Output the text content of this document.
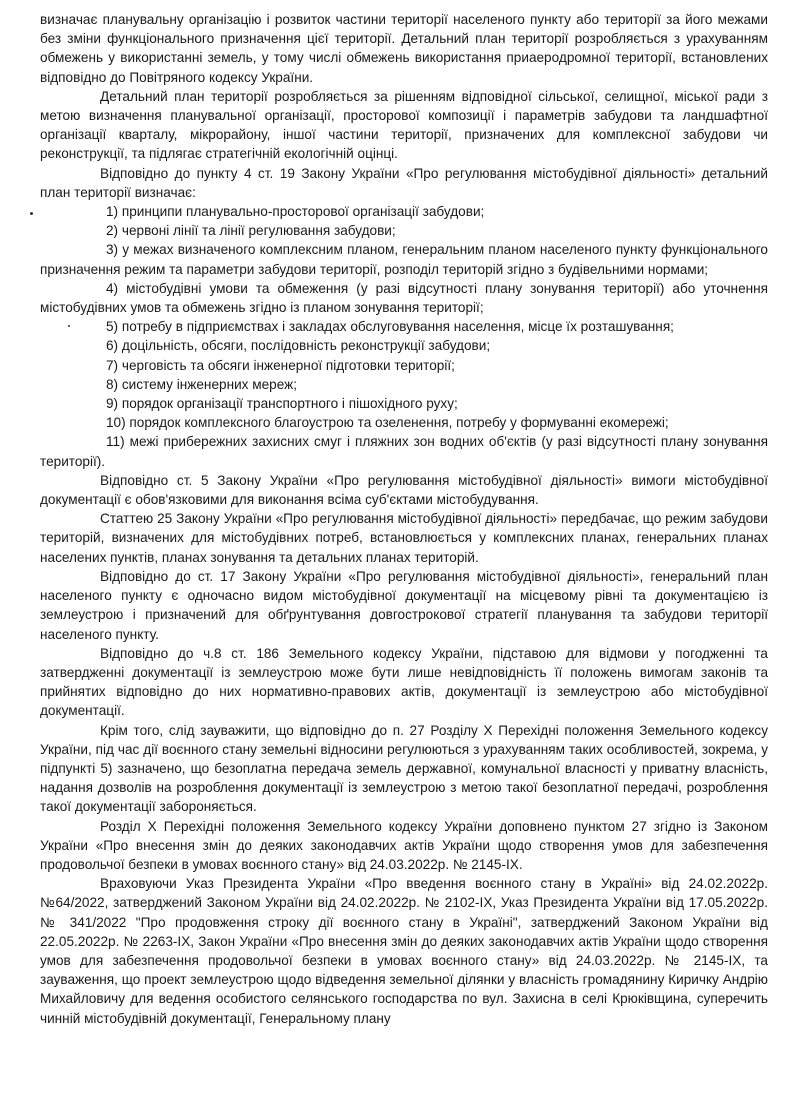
визначає планувальну організацію і розвиток частини території населеного пункту або території за його межами без зміни функціонального призначення цієї території. Детальний план території розробляється з урахуванням обмежень у використанні земель, у тому числі обмежень використання приаеродромної території, встановлених відповідно до Повітряного кодексу України.

Детальний план території розробляється за рішенням відповідної сільської, селищної, міської ради з метою визначення планувальної організації, просторової композиції і параметрів забудови та ландшафтної організації кварталу, мікрорайону, іншої частини території, призначених для комплексної забудови чи реконструкції, та підлягає стратегічній екологічній оцінці.

Відповідно до пункту 4 ст. 19 Закону України «Про регулювання містобудівної діяльності» детальний план території визначає:

1) принципи планувально-просторової організації забудови;

2) червоні лінії та лінії регулювання забудови;

3) у межах визначеного комплексним планом, генеральним планом населеного пункту функціонального призначення режим та параметри забудови території, розподіл територій згідно з будівельними нормами;

4) містобудівні умови та обмеження (у разі відсутності плану зонування території) або уточнення містобудівних умов та обмежень згідно із планом зонування території;

5) потребу в підприємствах і закладах обслуговування населення, місце їх розташування;

6) доцільність, обсяги, послідовність реконструкції забудови;

7) черговість та обсяги інженерної підготовки території;

8) систему інженерних мереж;

9) порядок організації транспортного і пішохідного руху;

10) порядок комплексного благоустрою та озеленення, потребу у формуванні екомережі;

11) межі прибережних захисних смуг і пляжних зон водних об'єктів (у разі відсутності плану зонування території).

Відповідно ст. 5 Закону України «Про регулювання містобудівної діяльності» вимоги містобудівної документації є обов'язковими для виконання всіма суб'єктами містобудування.

Статтею 25 Закону України «Про регулювання містобудівної діяльності» передбачає, що режим забудови територій, визначених для містобудівних потреб, встановлюється у комплексних планах, генеральних планах населених пунктів, планах зонування та детальних планах територій.

Відповідно до ст. 17 Закону України «Про регулювання містобудівної діяльності», генеральний план населеного пункту є одночасно видом містобудівної документації на місцевому рівні та документацією із землеустрою і призначений для обґрунтування довгострокової стратегії планування та забудови території населеного пункту.

Відповідно до ч.8 ст. 186 Земельного кодексу України, підставою для відмови у погодженні та затвердженні документації із землеустрою може бути лише невідповідність її положень вимогам законів та прийнятих відповідно до них нормативно-правових актів, документації із землеустрою або містобудівної документації.

Крім того, слід зауважити, що відповідно до п. 27 Розділу X Перехідні положення Земельного кодексу України, під час дії воєнного стану земельні відносини регулюються з урахуванням таких особливостей, зокрема, у підпункті 5) зазначено, що безоплатна передача земель державної, комунальної власності у приватну власність, надання дозволів на розроблення документації із землеустрою з метою такої безоплатної передачі, розроблення такої документації забороняється.

Розділ X Перехідні положення Земельного кодексу України доповнено пунктом 27 згідно із Законом України «Про внесення змін до деяких законодавчих актів України щодо створення умов для забезпечення продовольчої безпеки в умовах воєнного стану» від 24.03.2022р. № 2145-IX.

Враховуючи Указ Президента України «Про введення воєнного стану в Україні» від 24.02.2022р. №64/2022, затверджений Законом України від 24.02.2022р. № 2102-IX, Указ Президента України від 17.05.2022р. № 341/2022 "Про продовження строку дії воєнного стану в Україні", затверджений Законом України від 22.05.2022р. № 2263-IX, Закон України «Про внесення змін до деяких законодавчих актів України щодо створення умов для забезпечення продовольчої безпеки в умовах воєнного стану» від 24.03.2022р. № 2145-IX, та зауваження, що проект землеустрою щодо відведення земельної ділянки у власність громадянину Киричку Андрію Михайловичу для ведення особистого селянського господарства по вул. Захисна в селі Крюківщина, суперечить чинній містобудівній документації, Генеральному плану
